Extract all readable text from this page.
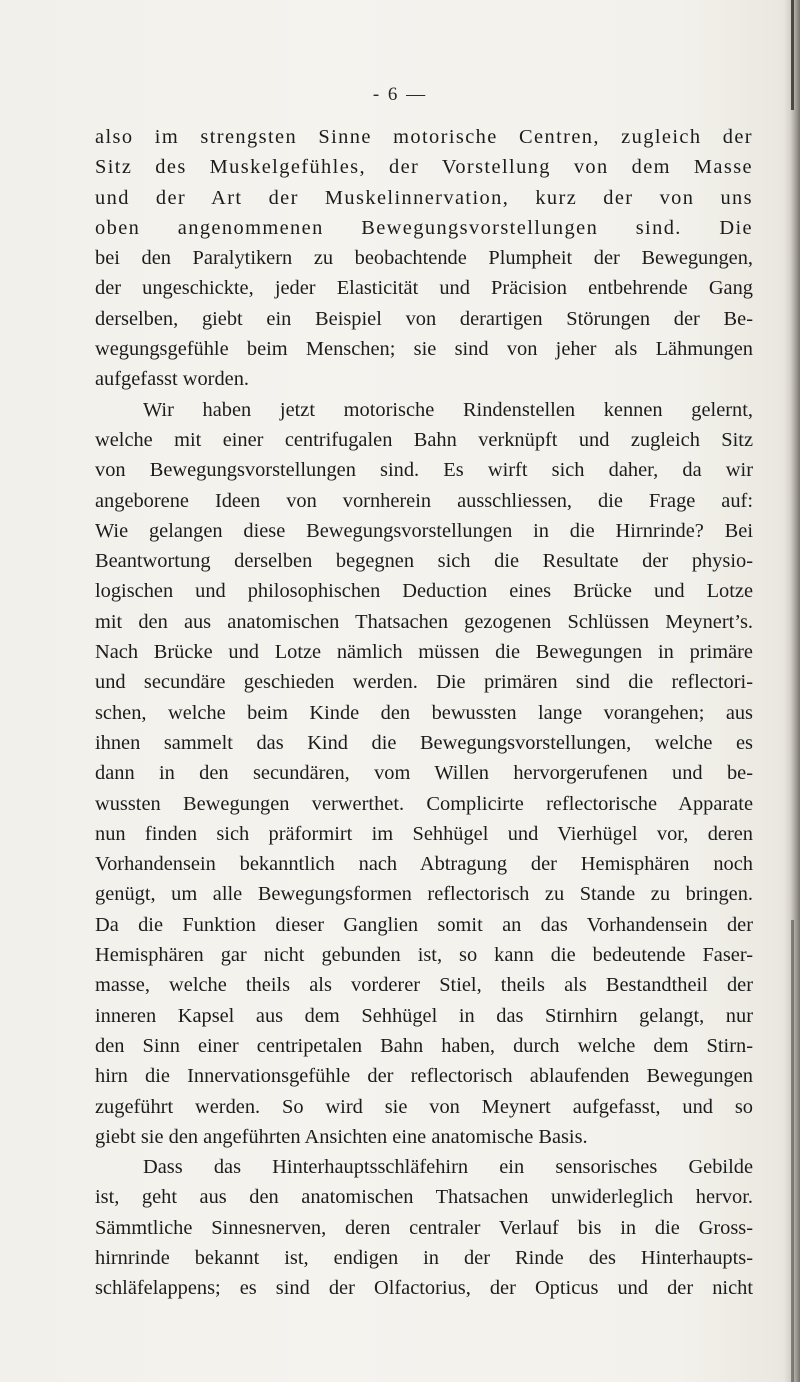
- 6 —

also im strengsten Sinne motorische Centren, zugleich der

Sitz des Muskelgefühles, der Vorstellung von dem Masse

und der Art der Muskelinnervation, kurz der von uns

oben angenommenen Bewegungsvorstellungen sind. Die

bei den Paralytikern zu beobachtende Plumpheit der Bewegungen,

der ungeschickte, jeder Elasticität und Präcision entbehrende Gang

derselben, giebt ein Beispiel von derartigen Störungen der Be-

wegungsgefühle beim Menschen; sie sind von jeher als Lähmungen

aufgefasst worden.

Wir haben jetzt motorische Rindenstellen kennen gelernt,

welche mit einer centrifugalen Bahn verknüpft und zugleich Sitz

von Bewegungsvorstellungen sind. Es wirft sich daher, da wir

angeborene Ideen von vornherein ausschliessen, die Frage auf:

Wie gelangen diese Bewegungsvorstellungen in die Hirnrinde? Bei

Beantwortung derselben begegnen sich die Resultate der physio-

logischen und philosophischen Deduction eines Brücke und Lotze

mit den aus anatomischen Thatsachen gezogenen Schlüssen Meynert’s.

Nach Brücke und Lotze nämlich müssen die Bewegungen in primäre

und secundäre geschieden werden. Die primären sind die reflectori-

schen, welche beim Kinde den bewussten lange vorangehen; aus

ihnen sammelt das Kind die Bewegungsvorstellungen, welche es

dann in den secundären, vom Willen hervorgerufenen und be-

wussten Bewegungen verwerthet. Complicirte reflectorische Apparate

nun finden sich präformirt im Sehhügel und Vierhügel vor, deren

Vorhandensein bekanntlich nach Abtragung der Hemisphären noch

genügt, um alle Bewegungsformen reflectorisch zu Stande zu bringen.

Da die Funktion dieser Ganglien somit an das Vorhandensein der

Hemisphären gar nicht gebunden ist, so kann die bedeutende Faser-

masse, welche theils als vorderer Stiel, theils als Bestandtheil der

inneren Kapsel aus dem Sehhügel in das Stirnhirn gelangt, nur

den Sinn einer centripetalen Bahn haben, durch welche dem Stirn-

hirn die Innervationsgefühle der reflectorisch ablaufenden Bewegungen

zugeführt werden. So wird sie von Meynert aufgefasst, und so

giebt sie den angeführten Ansichten eine anatomische Basis.

Dass das Hinterhauptsschläfehirn ein sensorisches Gebilde

ist, geht aus den anatomischen Thatsachen unwiderleglich hervor.

Sämmtliche Sinnesnerven, deren centraler Verlauf bis in die Gross-

hirnrinde bekannt ist, endigen in der Rinde des Hinterhaupts-

schläfelappens; es sind der Olfactorius, der Opticus und der nicht
